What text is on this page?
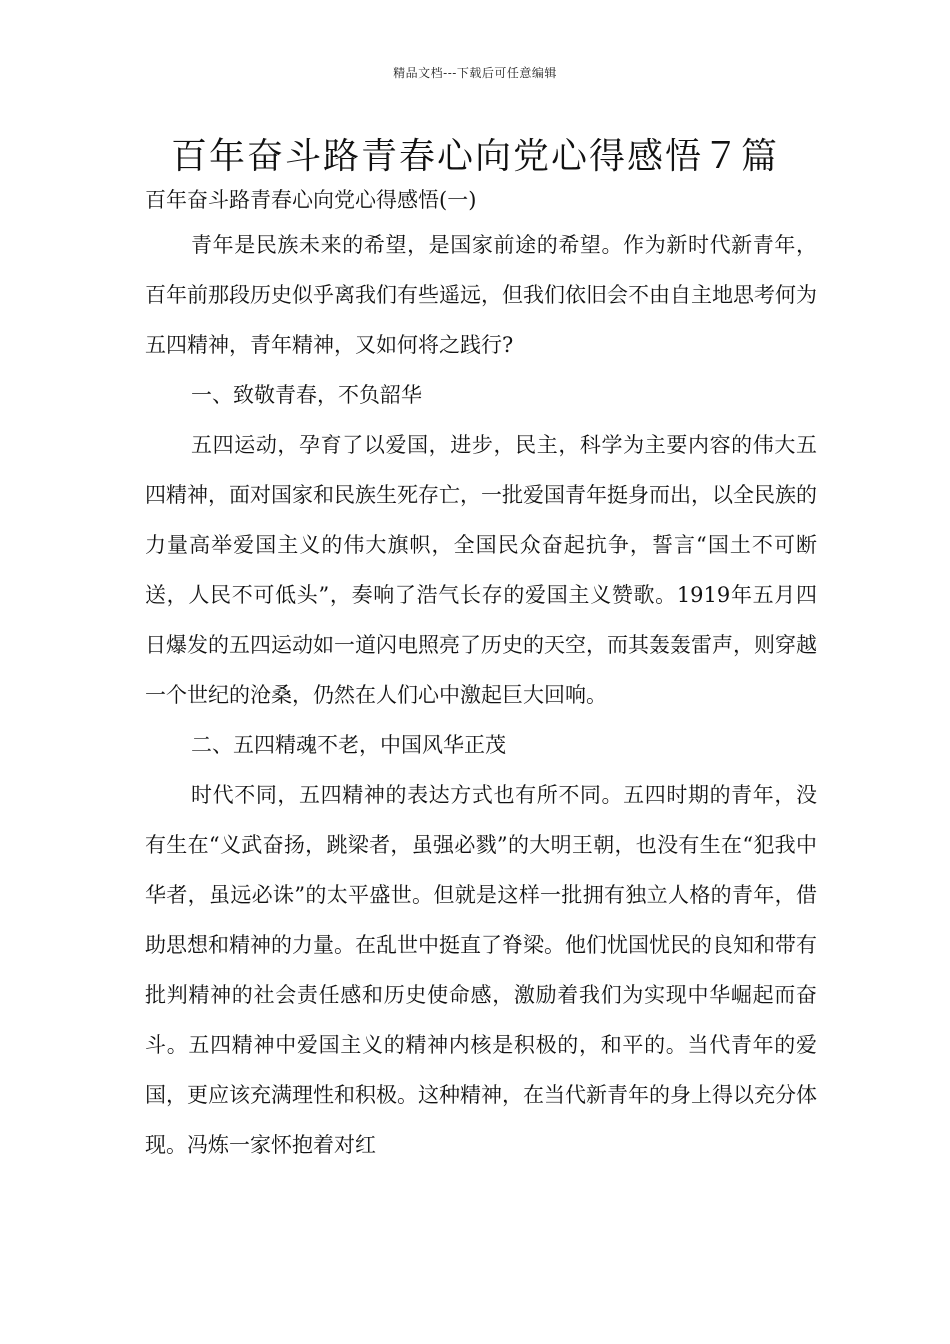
精品文档---下载后可任意编辑
百年奋斗路青春心向党心得感悟７篇

百年奋斗路青春心向党心得感悟(一)

青年是民族未来的希望，是国家前途的希望。作为新时代新青年，百年前那段历史似乎离我们有些遥远，但我们依旧会不由自主地思考何为五四精神，青年精神，又如何将之践行?

一、致敬青春，不负韶华

五四运动，孕育了以爱国，进步，民主，科学为主要内容的伟大五四精神，面对国家和民族生死存亡，一批爱国青年挺身而出，以全民族的力量高举爱国主义的伟大旗帜，全国民众奋起抗争，誓言“国土不可断送，人民不可低头”，奏响了浩气长存的爱国主义赞歌。1919年五月四日爆发的五四运动如一道闪电照亮了历史的天空，而其轰轰雷声，则穿越一个世纪的沧桑，仍然在人们心中激起巨大回响。

二、五四精魂不老，中国风华正茂

时代不同，五四精神的表达方式也有所不同。五四时期的青年，没有生在“义武奋扬，跳梁者，虽强必戮”的大明王朝，也没有生在“犯我中华者，虽远必诛”的太平盛世。但就是这样一批拥有独立人格的青年，借助思想和精神的力量。在乱世中挺直了脊梁。他们忧国忧民的良知和带有批判精神的社会责任感和历史使命感，激励着我们为实现中华崛起而奋斗。五四精神中爱国主义的精神内核是积极的，和平的。当代青年的爱国，更应该充满理性和积极。这种精神，在当代新青年的身上得以充分体现。冯炼一家怀抱着对红
